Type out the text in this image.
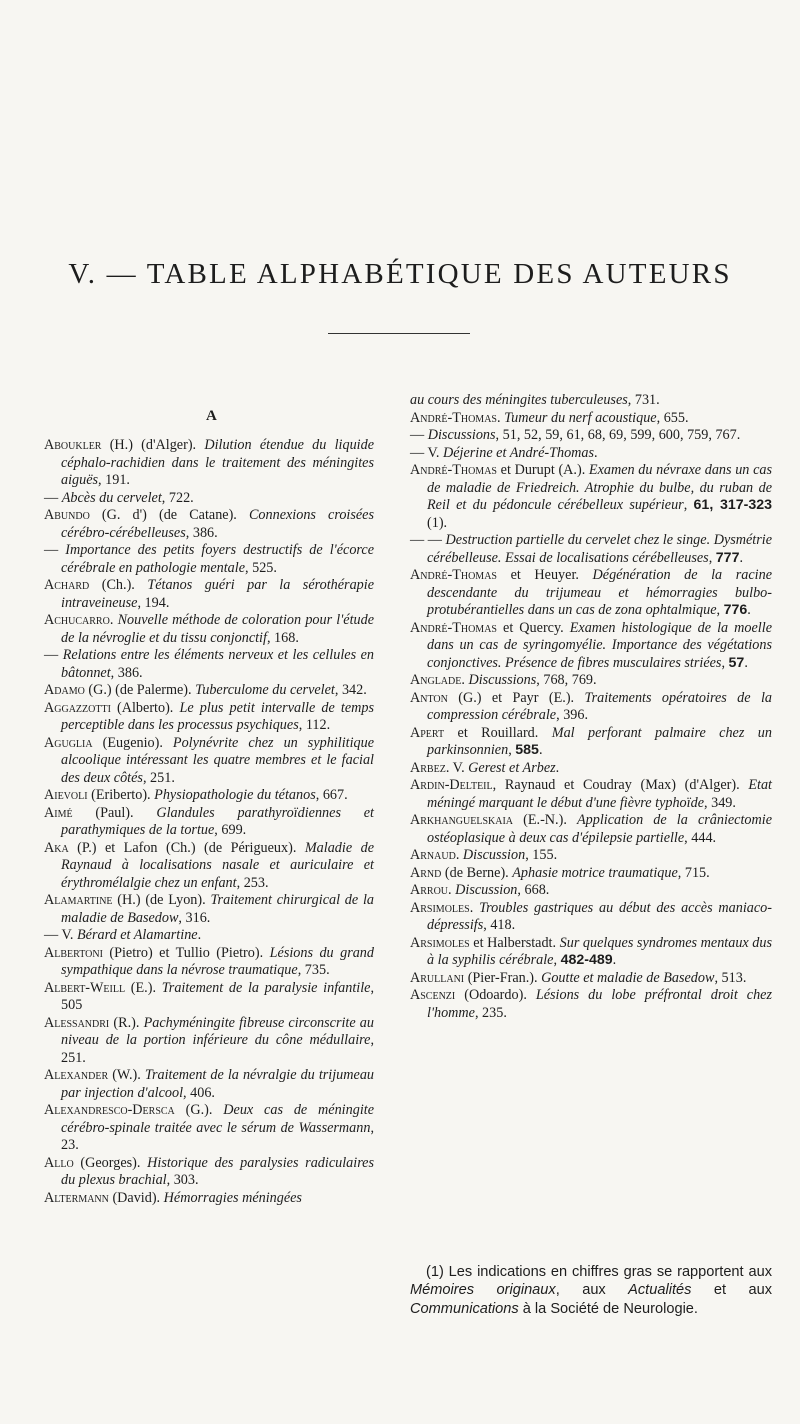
V. — TABLE ALPHABÉTIQUE DES AUTEURS
A

Aboukler (H.) (d'Alger). Dilution étendue du liquide céphalo-rachidien dans le traitement des méningites aiguës, 191.

— Abcès du cervelet, 722.

Abundo (G. d') (de Catane). Connexions croisées cérébro-cérébelleuses, 386.

— Importance des petits foyers destructifs de l'écorce cérébrale en pathologie mentale, 525.

Achard (Ch.). Tétanos guéri par la sérothérapie intraveineuse, 194.

Achucarro. Nouvelle méthode de coloration pour l'étude de la névroglie et du tissu conjonctif, 168.

— Relations entre les éléments nerveux et les cellules en bâtonnet, 386.

Adamo (G.) (de Palerme). Tuberculome du cervelet, 342.

Aggazzotti (Alberto). Le plus petit intervalle de temps perceptible dans les processus psychiques, 112.

Aguglia (Eugenio). Polynévrite chez un syphilitique alcoolique intéressant les quatre membres et le facial des deux côtés, 251.

Aievoli (Eriberto). Physiopathologie du tétanos, 667.

Aimé (Paul). Glandules parathyroïdiennes et parathymiques de la tortue, 699.

Aka (P.) et Lafon (Ch.) (de Périgueux). Maladie de Raynaud à localisations nasale et auriculaire et érythromélalgie chez un enfant, 253.

Alamartine (H.) (de Lyon). Traitement chirurgical de la maladie de Basedow, 316.

— V. Bérard et Alamartine.

Albertoni (Pietro) et Tullio (Pietro). Lésions du grand sympathique dans la névrose traumatique, 735.

Albert-Weill (E.). Traitement de la paralysie infantile, 505

Alessandri (R.). Pachyméningite fibreuse circonscrite au niveau de la portion inférieure du cône médullaire, 251.

Alexander (W.). Traitement de la névralgie du trijumeau par injection d'alcool, 406.

Alexandresco-Dersca (G.). Deux cas de méningite cérébro-spinale traitée avec le sérum de Wassermann, 23.

Allo (Georges). Historique des paralysies radiculaires du plexus brachial, 303.

Altermann (David). Hémorragies méningées

au cours des méningites tuberculeuses, 731.

André-Thomas. Tumeur du nerf acoustique, 655.

— Discussions, 51, 52, 59, 61, 68, 69, 599, 600, 759, 767.

— V. Déjerine et André-Thomas.

André-Thomas et Durupt (A.). Examen du névraxe dans un cas de maladie de Friedreich. Atrophie du bulbe, du ruban de Reil et du pédoncule cérébelleux supérieur, 61, 317-323 (1).

— — Destruction partielle du cervelet chez le singe. Dysmétrie cérébelleuse. Essai de localisations cérébelleuses, 777.

André-Thomas et Heuyer. Dégénération de la racine descendante du trijumeau et hémorragies bulbo-protubérantielles dans un cas de zona ophtalmique, 776.

André-Thomas et Quercy. Examen histologique de la moelle dans un cas de syringomyélie. Importance des végétations conjonctives. Présence de fibres musculaires striées, 57.

Anglade. Discussions, 768, 769.

Anton (G.) et Payr (E.). Traitements opératoires de la compression cérébrale, 396.

Apert et Rouillard. Mal perforant palmaire chez un parkinsonnien, 585.

Arbez. V. Gerest et Arbez.

Ardin-Delteil, Raynaud et Coudray (Max) (d'Alger). Etat méningé marquant le début d'une fièvre typhoïde, 349.

Arkhanguelskaia (E.-N.). Application de la crâniectomie ostéoplasique à deux cas d'épilepsie partielle, 444.

Arnaud. Discussion, 155.

Arnd (de Berne). Aphasie motrice traumatique, 715.

Arrou. Discussion, 668.

Arsimoles. Troubles gastriques au début des accès maniaco-dépressifs, 418.

Arsimoles et Halberstadt. Sur quelques syndromes mentaux dus à la syphilis cérébrale, 482-489.

Arullani (Pier-Fran.). Goutte et maladie de Basedow, 513.

Ascenzi (Odoardo). Lésions du lobe préfrontal droit chez l'homme, 235.

(1) Les indications en chiffres gras se rapportent aux Mémoires originaux, aux Actualités et aux Communications à la Société de Neurologie.
